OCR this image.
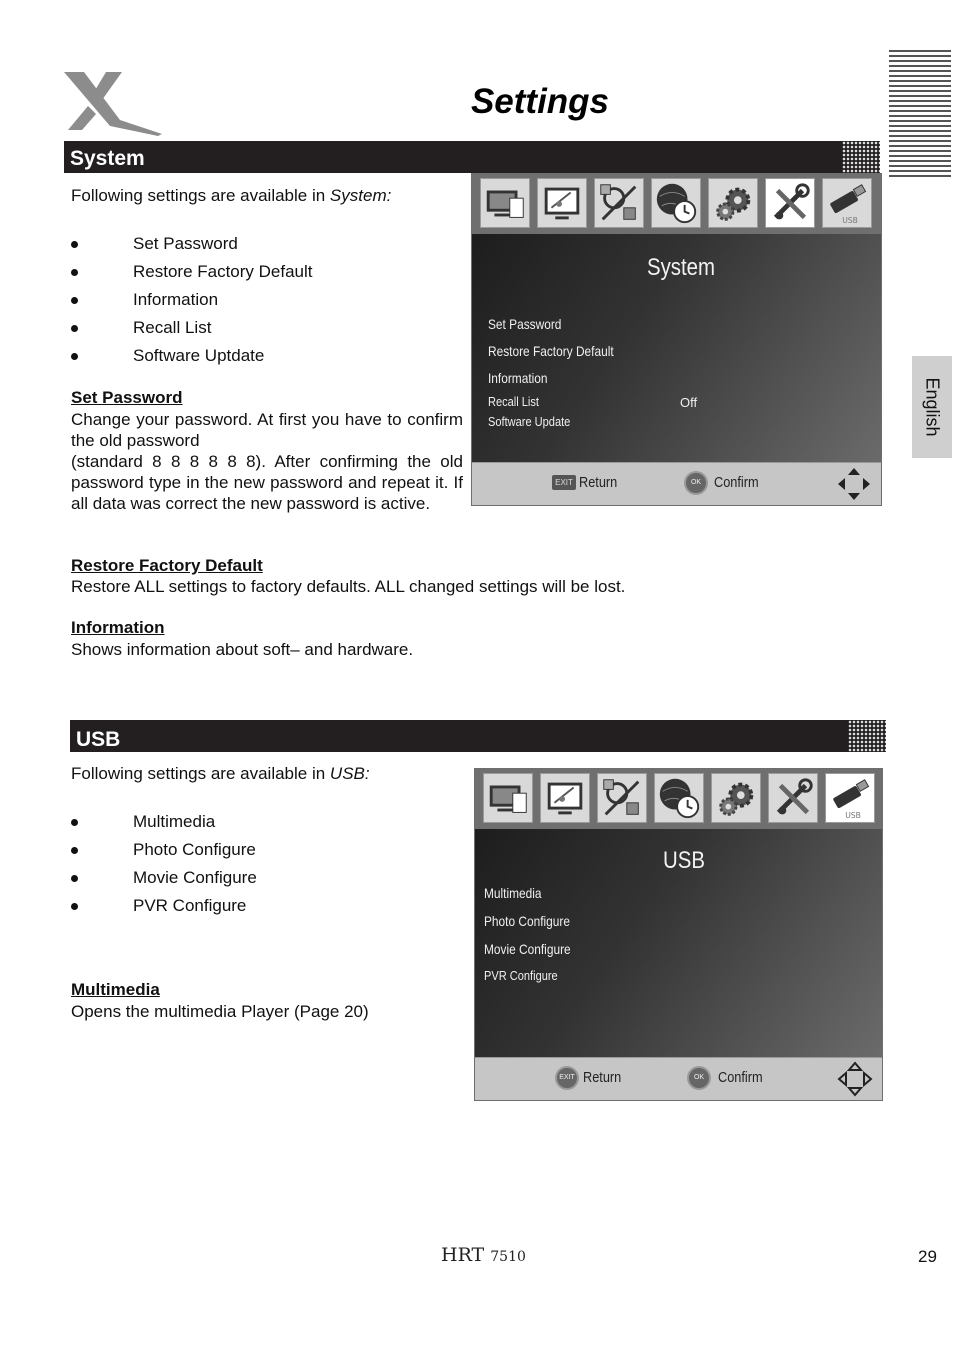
Settings
English
System
Following settings are available in System:
Set Password
Restore Factory Default
Information
Recall List
Software Uptdate
Set Password
Change your password. At first you have to confirm the old password
(standard 8 8 8 8 8 8). After confirming the old password type in the new password and repeat it. If all data was correct the new password is active.
Restore Factory Default
Restore ALL settings to factory defaults. ALL changed settings will be lost.
Information
Shows information about soft– and hardware.
USB
System
Set Password
Restore Factory Default
Information
Recall List	Off
Software Update
EXIT Return	OK Confirm
USB
Following settings are available in USB:
Multimedia
Photo Configure
Movie Configure
PVR Configure
Multimedia
Opens the multimedia Player (Page 20)
USB
USB
Multimedia
Photo Configure
Movie Configure
PVR Configure
EXIT Return	OK Confirm
HRT 7510	29
